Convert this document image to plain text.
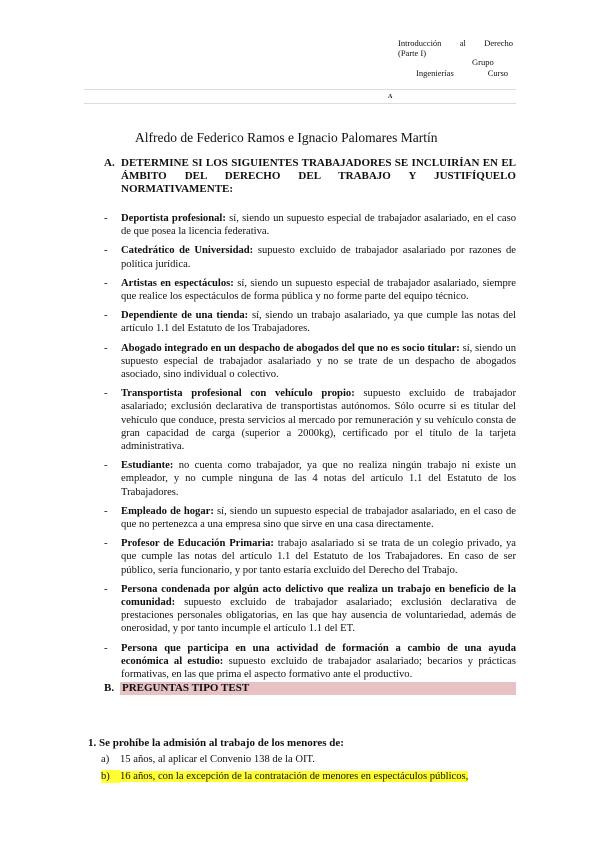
Introducción al Derecho
(Parte I)
Grupo
Ingenierías	Curso
A
Alfredo de Federico Ramos e Ignacio Palomares Martín
A. DETERMINE SI LOS SIGUIENTES TRABAJADORES SE INCLUIRÍAN EN EL ÁMBITO DEL DERECHO DEL TRABAJO Y JUSTIFÍQUELO NORMATIVAMENTE:
- Deportista profesional: sí, siendo un supuesto especial de trabajador asalariado, en el caso de que posea la licencia federativa.
- Catedrático de Universidad: supuesto excluido de trabajador asalariado por razones de política jurídica.
- Artistas en espectáculos: sí, siendo un supuesto especial de trabajador asalariado, siempre que realice los espectáculos de forma pública y no forme parte del equipo técnico.
- Dependiente de una tienda: sí, siendo un trabajo asalariado, ya que cumple las notas del artículo 1.1 del Estatuto de los Trabajadores.
- Abogado integrado en un despacho de abogados del que no es socio titular: sí, siendo un supuesto especial de trabajador asalariado y no se trate de un despacho de abogados asociado, sino individual o colectivo.
- Transportista profesional con vehículo propio: supuesto excluido de trabajador asalariado; exclusión declarativa de transportistas autónomos. Sólo ocurre si es titular del vehículo que conduce, presta servicios al mercado por remuneración y su vehículo consta de gran capacidad de carga (superior a 2000kg), certificado por el título de la tarjeta administrativa.
- Estudiante: no cuenta como trabajador, ya que no realiza ningún trabajo ni existe un empleador, y no cumple ninguna de las 4 notas del artículo 1.1 del Estatuto de los Trabajadores.
- Empleado de hogar: sí, siendo un supuesto especial de trabajador asalariado, en el caso de que no pertenezca a una empresa sino que sirve en una casa directamente.
- Profesor de Educación Primaria: trabajo asalariado si se trata de un colegio privado, ya que cumple las notas del artículo 1.1 del Estatuto de los Trabajadores. En caso de ser público, sería funcionario, y por tanto estaría excluido del Derecho del Trabajo.
- Persona condenada por algún acto delictivo que realiza un trabajo en beneficio de la comunidad: supuesto excluido de trabajador asalariado; exclusión declarativa de prestaciones personales obligatorias, en las que hay ausencia de voluntariedad, además de onerosidad, y por tanto incumple el artículo 1.1 del ET.
- Persona que participa en una actividad de formación a cambio de una ayuda económica al estudio: supuesto excluido de trabajador asalariado; becarios y prácticas formativas, en las que prima el aspecto formativo ante el productivo.
B. PREGUNTAS TIPO TEST
1. Se prohíbe la admisión al trabajo de los menores de:
a) 15 años, al aplicar el Convenio 138 de la OIT.
b) 16 años, con la excepción de la contratación de menores en espectáculos públicos,
